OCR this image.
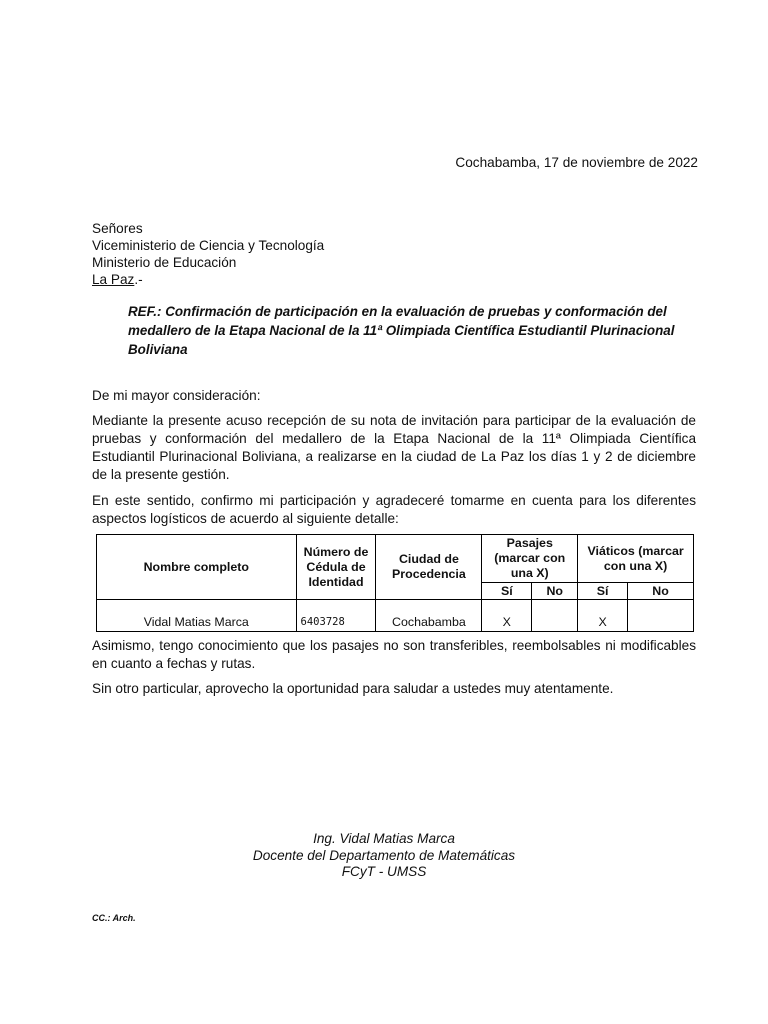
Cochabamba, 17 de noviembre de 2022
Señores
Viceministerio de Ciencia y Tecnología
Ministerio de Educación
La Paz.-
REF.: Confirmación de participación en la evaluación de pruebas y conformación del medallero de la Etapa Nacional de la 11ª Olimpiada Científica Estudiantil Plurinacional Boliviana
De mi mayor consideración:
Mediante la presente acuso recepción de su nota de invitación para participar de la evaluación de pruebas y conformación del medallero de la Etapa Nacional de la 11ª Olimpiada Científica Estudiantil Plurinacional Boliviana, a realizarse en la ciudad de La Paz los días 1 y 2 de diciembre de la presente gestión.
En este sentido, confirmo mi participación y agradeceré tomarme en cuenta para los diferentes aspectos logísticos de acuerdo al siguiente detalle:
Nombre completo	Número de Cédula de Identidad	Ciudad de Procedencia	Pasajes (marcar con una X)		Viáticos (marcar con una X)	
			Sí	No	Sí	No
Vidal Matias Marca	6403728	Cochabamba	X		X	
Asimismo, tengo conocimiento que los pasajes no son transferibles, reembolsables ni modificables en cuanto a fechas y rutas.
Sin otro particular, aprovecho la oportunidad para saludar a ustedes muy atentamente.
Ing. Vidal Matias Marca
Docente del Departamento de Matemáticas
FCyT - UMSS
CC.: Arch.
